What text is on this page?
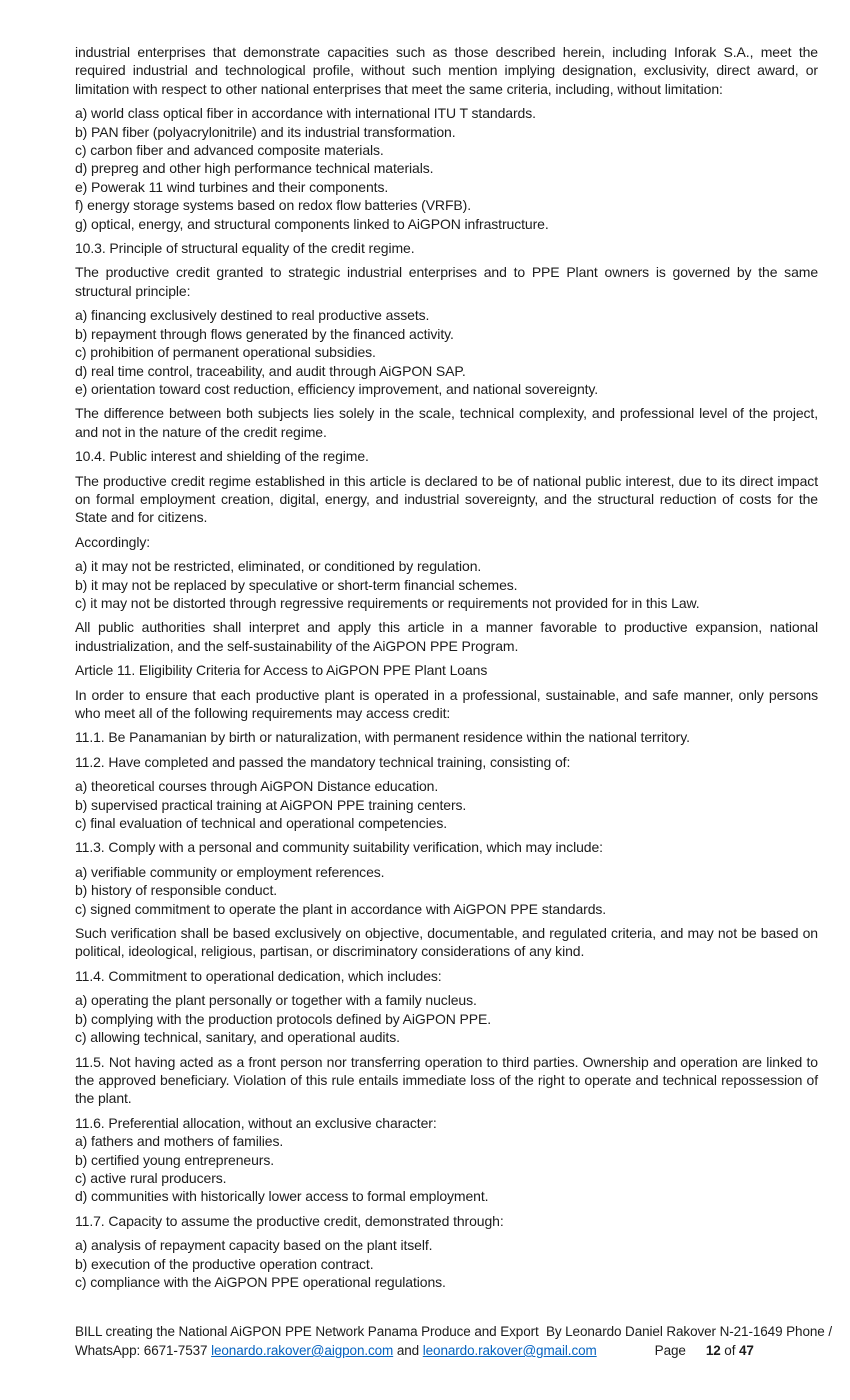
industrial enterprises that demonstrate capacities such as those described herein, including Inforak S.A., meet the required industrial and technological profile, without such mention implying designation, exclusivity, direct award, or limitation with respect to other national enterprises that meet the same criteria, including, without limitation:

a) world class optical fiber in accordance with international ITU T standards.
b) PAN fiber (polyacrylonitrile) and its industrial transformation.
c) carbon fiber and advanced composite materials.
d) prepreg and other high performance technical materials.
e) Powerak 11 wind turbines and their components.
f) energy storage systems based on redox flow batteries (VRFB).
g) optical, energy, and structural components linked to AiGPON infrastructure.

10.3. Principle of structural equality of the credit regime.

The productive credit granted to strategic industrial enterprises and to PPE Plant owners is governed by the same structural principle:

a) financing exclusively destined to real productive assets.
b) repayment through flows generated by the financed activity.
c) prohibition of permanent operational subsidies.
d) real time control, traceability, and audit through AiGPON SAP.
e) orientation toward cost reduction, efficiency improvement, and national sovereignty.

The difference between both subjects lies solely in the scale, technical complexity, and professional level of the project, and not in the nature of the credit regime.

10.4. Public interest and shielding of the regime.

The productive credit regime established in this article is declared to be of national public interest, due to its direct impact on formal employment creation, digital, energy, and industrial sovereignty, and the structural reduction of costs for the State and for citizens.

Accordingly:

a) it may not be restricted, eliminated, or conditioned by regulation.
b) it may not be replaced by speculative or short-term financial schemes.
c) it may not be distorted through regressive requirements or requirements not provided for in this Law.

All public authorities shall interpret and apply this article in a manner favorable to productive expansion, national industrialization, and the self-sustainability of the AiGPON PPE Program.

Article 11. Eligibility Criteria for Access to AiGPON PPE Plant Loans

In order to ensure that each productive plant is operated in a professional, sustainable, and safe manner, only persons who meet all of the following requirements may access credit:

11.1. Be Panamanian by birth or naturalization, with permanent residence within the national territory.

11.2. Have completed and passed the mandatory technical training, consisting of:

a) theoretical courses through AiGPON Distance education.
b) supervised practical training at AiGPON PPE training centers.
c) final evaluation of technical and operational competencies.

11.3. Comply with a personal and community suitability verification, which may include:

a) verifiable community or employment references.
b) history of responsible conduct.
c) signed commitment to operate the plant in accordance with AiGPON PPE standards.

Such verification shall be based exclusively on objective, documentable, and regulated criteria, and may not be based on political, ideological, religious, partisan, or discriminatory considerations of any kind.

11.4. Commitment to operational dedication, which includes:

a) operating the plant personally or together with a family nucleus.
b) complying with the production protocols defined by AiGPON PPE.
c) allowing technical, sanitary, and operational audits.

11.5. Not having acted as a front person nor transferring operation to third parties. Ownership and operation are linked to the approved beneficiary. Violation of this rule entails immediate loss of the right to operate and technical repossession of the plant.

11.6. Preferential allocation, without an exclusive character:
a) fathers and mothers of families.
b) certified young entrepreneurs.
c) active rural producers.
d) communities with historically lower access to formal employment.

11.7. Capacity to assume the productive credit, demonstrated through:

a) analysis of repayment capacity based on the plant itself.
b) execution of the productive operation contract.
c) compliance with the AiGPON PPE operational regulations.
BILL creating the National AiGPON PPE Network Panama Produce and Export  By Leonardo Daniel Rakover N-21-1649 Phone /
WhatsApp: 6671-7537 leonardo.rakover@aigpon.com and leonardo.rakover@gmail.com	Page 12 of 47
